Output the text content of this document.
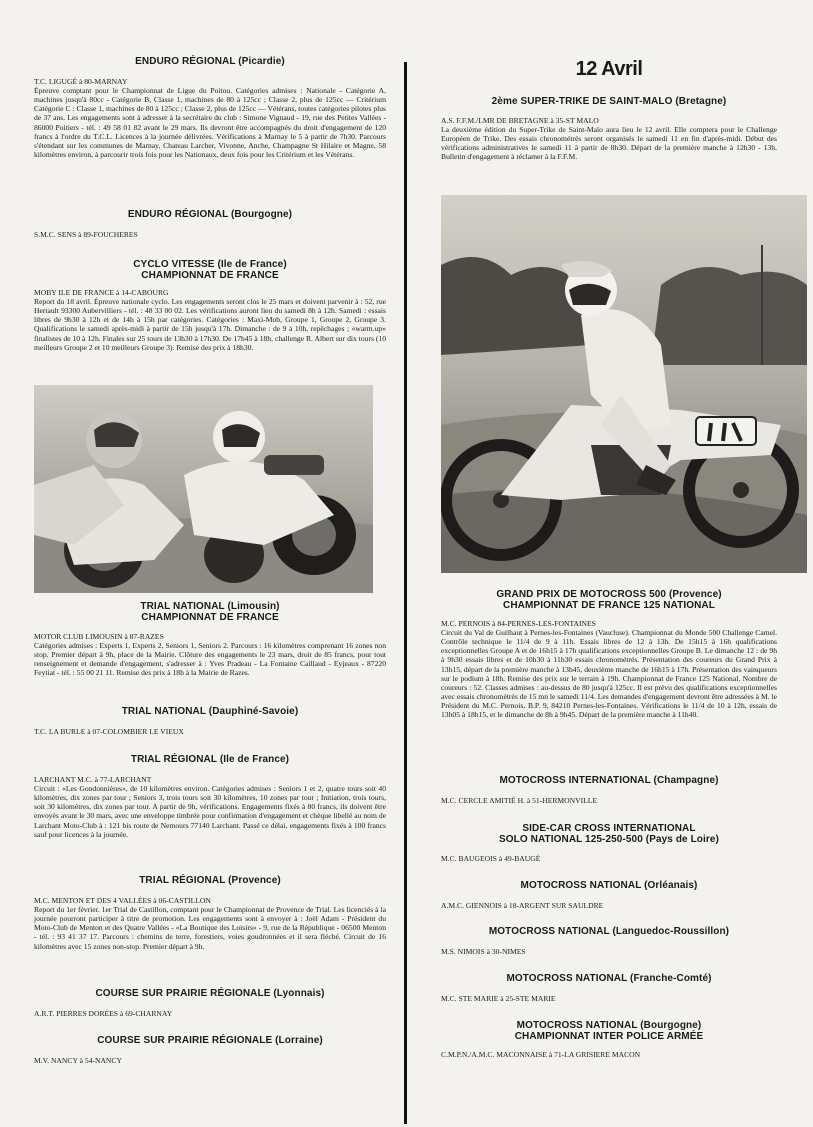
ENDURO RÉGIONAL (Picardie)

T.C. LIGUGÉ à 80-MARNAY

Épreuve comptant pour le Championnat de Ligue du Poitou. Catégories admises : Nationale - Catégorie A, machines jusqu'à 80cc - Catégorie B, Classe 1, machines de 80 à 125cc ; Classe 2, plus de 125cc — Critérium Catégorie C : Classe 1, machines de 80 à 125cc ; Classe 2, plus de 125cc — Vétérans, toutes catégories pilotes plus de 37 ans. Les engagements sont à adresser à la secrétaire du club : Simone Vignaud - 19, rue des Petites Vallées - 86000 Poitiers - tél. : 49 58 01 82 avant le 29 mars. Ils devront être accompagnés du droit d'engagement de 120 francs à l'ordre du T.C.L. Licences à la journée délivrées. Vérifications à Marnay le 5 à partir de 7h30. Parcours s'étendant sur les communes de Marnay, Chateau Larcher, Vivonne, Anche, Champagne St Hilaire et Magne, 58 kilomètres environ, à parcourir trois fois pour les Nationaux, deux fois pour les Critérium et les Vétérans.

ENDURO RÉGIONAL (Bourgogne)

S.M.C. SENS à 89-FOUCHERES

CYCLO VITESSE (Ile de France)
CHAMPIONNAT DE FRANCE

MOBY ILE DE FRANCE à 14-CABOURG

Report du 18 avril. Épreuve nationale cyclo. Les engagements seront clos le 25 mars et doivent parvenir à : 52, rue Hertault 93300 Aubervilliers - tél. : 48 33 00 02. Les vérifications auront lieu du samedi 8h à 12h. Samedi : essais libres de 9h30 à 12h et de 14h à 15h par catégories. Catégories : Maxi-Mob, Groupe 1, Groupe 2, Groupe 3. Qualifications le samedi après-midi à partir de 15h jusqu'à 17h. Dimanche : de 9 à 10h, repêchages ; «warm.up» finalistes de 10 à 12h. Finales sur 25 tours de 13h30 à 17h30. De 17h45 à 18h, challenge R. Albert sur dix tours (10 meilleurs Groupe 2 et 10 meilleurs Groupe 3). Remise des prix à 18h30.

TRIAL NATIONAL (Limousin)
CHAMPIONNAT DE FRANCE

MOTOR CLUB LIMOUSIN à 87-RAZES

Catégories admises : Experts 1, Experts 2, Seniors 1, Seniors 2. Parcours : 16 kilomètres comprenant 16 zones non stop. Premier départ à 9h, place de la Mairie. Clôture des engagements le 23 mars, droit de 85 francs, pour tout renseignement et demande d'engagement, s'adresser à : Yves Pradeau - La Fontaine Caillaud - Eyjeaux - 87220 Feytiat - tél. : 55 00 21 11. Remise des prix à 18h à la Mairie de Razes.

TRIAL NATIONAL (Dauphiné-Savoie)

T.C. LA BURLE à 07-COLOMBIER LE VIEUX

TRIAL RÉGIONAL (Ile de France)

LARCHANT M.C. à 77-LARCHANT

Circuit : «Les Gondonnières», de 10 kilomètres environ. Catégories admises : Seniors 1 et 2, quatre tours soit 40 kilomètres, dix zones par tour ; Seniors 3, trois tours soit 30 kilomètres, 10 zones par tour ; Initiation, trois tours, soit 30 kilomètres, dix zones par tour. A partir de 9h, vérifications. Engagements fixés à 80 francs, ils doivent être envoyés avant le 30 mars, avec une enveloppe timbrée pour confirmation d'engagement et chèque libellé au nom de Larchant Moto-Club à : 121 bis route de Nemours 77140 Larchant. Passé ce délai, engagements fixés à 100 francs sauf pour licences à la journée.

TRIAL RÉGIONAL (Provence)

M.C. MENTON ET DES 4 VALLÉES à 06-CASTILLON

Report du 1er février. 1er Trial de Castillon, comptant pour le Championnat de Provence de Trial. Les licenciés à la journée pourront participer à titre de promotion. Les engagements sont à envoyer à : Joël Adam - Président du Moto-Club de Menton et des Quatre Vallées - «La Boutique des Loisirs» - 9, rue de la République - 06500 Menton - tél. : 93 41 37 17. Parcours : chemins de terre, forestiers, voies goudronnées et il sera fléché. Circuit de 16 kilomètres avec 15 zones non-stop. Premier départ à 9h.

COURSE SUR PRAIRIE RÉGIONALE (Lyonnais)

A.R.T. PIERRES DORÉES à 69-CHARNAY

COURSE SUR PRAIRIE RÉGIONALE (Lorraine)

M.V. NANCY à 54-NANCY

12 Avril

2ème SUPER-TRIKE DE SAINT-MALO (Bretagne)

A.S. F.F.M./LMR DE BRETAGNE à 35-ST MALO

La deuxième édition du Super-Trike de Saint-Malo aura lieu le 12 avril. Elle comptera pour le Challenge Européen de Trike. Des essais chronométrés seront organisés le samedi 11 en fin d'après-midi. Début des vérifications administratives le samedi 11 à partir de 8h30. Départ de la première manche à 12h30 - 13h. Bulletin d'engagement à réclamer à la F.F.M.

GRAND PRIX DE MOTOCROSS 500 (Provence)
CHAMPIONNAT DE FRANCE 125 NATIONAL

M.C. PERNOIS à 84-PERNES-LES-FONTAINES

Circuit du Val de Guilhaut à Pernes-les-Fontaines (Vaucluse). Championnat du Monde 500 Challenge Camel. Contrôle technique le 11/4 de 9 à 11h. Essais libres de 12 à 13h. De 15h15 à 16h qualifications exceptionnelles Groupe A et de 16h15 à 17h qualifications exceptionnelles Groupe B. Le dimanche 12 : de 9h à 9h30 essais libres et de 10h30 à 11h30 essais chronométrés. Présentation des coureurs du Grand Prix à 13h15, départ de la première manche à 13h45, deuxième manche de 16h15 à 17h. Présentation des vainqueurs sur le podium à 18h. Remise des prix sur le terrain à 19h. Championnat de France 125 National. Nombre de coureurs : 52. Classes admises : au-dessus de 80 jusqu'à 125cc. Il est prévu des qualifications exceptionnelles avec essais chronométrés de 15 mn le samedi 11/4. Les demandes d'engagement devront être adressées à M. le Président du M.C. Pernois, B.P. 9, 84210 Pernes-les-Fontaines. Vérifications le 11/4 de 10 à 12h, essais de 13h05 à 18h15, et le dimanche de 8h à 9h45. Départ de la première manche à 11h40.

MOTOCROSS INTERNATIONAL (Champagne)

M.C. CERCLE AMITIÉ H. à 51-HERMONVILLE

SIDE-CAR CROSS INTERNATIONAL
SOLO NATIONAL 125-250-500 (Pays de Loire)

M.C. BAUGEOIS à 49-BAUGÉ

MOTOCROSS NATIONAL (Orléanais)

A.M.C. GIENNOIS à 18-ARGENT SUR SAULDRE

MOTOCROSS NATIONAL (Languedoc-Roussillon)

M.S. NIMOIS à 30-NIMES

MOTOCROSS NATIONAL (Franche-Comté)

M.C. STE MARIE à 25-STE MARIE

MOTOCROSS NATIONAL (Bourgogne)
CHAMPIONNAT INTER POLICE ARMÉE

C.M.P.N./A.M.C. MACONNAISE à 71-LA GRISIERE MACON
